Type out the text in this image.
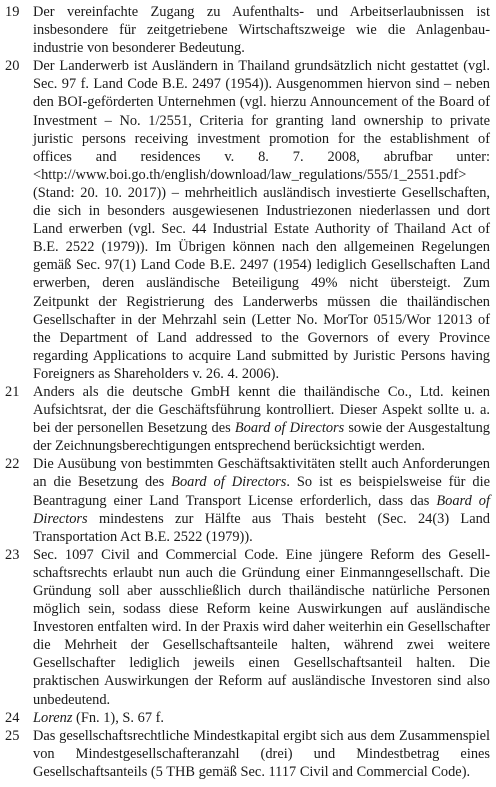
19 Der vereinfachte Zugang zu Aufenthalts- und Arbeitserlaubnissen ist insbesondere für zeitgetriebene Wirtschaftszweige wie die Anlagenbauindustrie von besonderer Bedeutung.
20 Der Landerwerb ist Ausländern in Thailand grundsätzlich nicht gestattet (vgl. Sec. 97 f. Land Code B.E. 2497 (1954)). Ausgenommen hiervon sind – neben den BOI-geförderten Unternehmen (vgl. hierzu Announcement of the Board of Investment – No. 1/2551, Criteria for granting land ownership to private juristic persons receiving investment promotion for the establishment of offices and residences v. 8. 7. 2008, abrufbar unter: <http://www.boi.go.th/english/download/law_regulations/555/1_2551.​pdf> (Stand: 20. 10. 2017)) – mehrheitlich ausländisch investierte Gesellschaften, die sich in besonders ausgewiesenen Industriezonen niederlassen und dort Land erwerben (vgl. Sec. 44 Industrial Estate Authority of Thailand Act of B.E. 2522 (1979)). Im Übrigen können nach den allgemeinen Regelungen gemäß Sec. 97(1) Land Code B.E. 2497 (1954) lediglich Gesellschaften Land erwerben, deren ausländische Beteiligung 49% nicht übersteigt. Zum Zeitpunkt der Registrierung des Landerwerbs müssen die thailändischen Gesellschafter in der Mehrzahl sein (Letter No. MorTor 0515/Wor 12013 of the Department of Land addressed to the Governors of every Province regarding Applications to acquire Land submitted by Juristic Persons having Foreigners as Shareholders v. 26. 4. 2006).
21 Anders als die deutsche GmbH kennt die thailändische Co., Ltd. keinen Aufsichtsrat, der die Geschäftsführung kontrolliert. Dieser Aspekt sollte u. a. bei der personellen Besetzung des Board of Directors sowie der Ausgestaltung der Zeichnungsberechtigungen entsprechend berücksichtigt werden.
22 Die Ausübung von bestimmten Geschäftsaktivitäten stellt auch Anforderungen an die Besetzung des Board of Directors. So ist es beispielsweise für die Beantragung einer Land Transport License erforderlich, dass das Board of Directors mindestens zur Hälfte aus Thais besteht (Sec. 24(3) Land Transportation Act B.E. 2522 (1979)).
23 Sec. 1097 Civil and Commercial Code. Eine jüngere Reform des Gesellschaftsrechts erlaubt nun auch die Gründung einer Einmanngesellschaft. Die Gründung soll aber ausschließlich durch thailändische natürliche Personen möglich sein, sodass diese Reform keine Auswirkungen auf ausländische Investoren entfalten wird. In der Praxis wird daher weiterhin ein Gesellschafter die Mehrheit der Gesellschaftsanteile halten, während zwei weitere Gesellschafter lediglich jeweils einen Gesellschaftsanteil halten. Die praktischen Auswirkungen der Reform auf ausländische Investoren sind also unbedeutend.
24 Lorenz (Fn. 1), S. 67 f.
25 Das gesellschaftsrechtliche Mindestkapital ergibt sich aus dem Zusammenspiel von Mindestgesellschafteranzahl (drei) und Mindestbetrag eines Gesellschaftsanteils (5 THB gemäß Sec. 1117 Civil and Commercial Code).
